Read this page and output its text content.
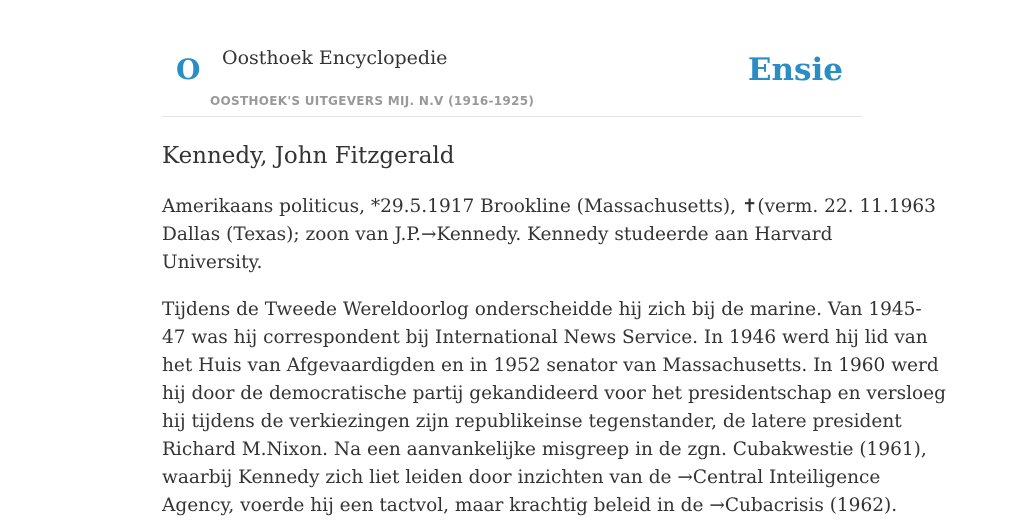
O Oosthoek Encyclopedie
OOSTHOEK'S UITGEVERS MIJ. N.V (1916-1925)
Ensie
Kennedy, John Fitzgerald

Amerikaans politicus, *29.5.1917 Brookline (Massachusetts), ✝(verm. 22. 11.1963
Dallas (Texas); zoon van J.P.→Kennedy. Kennedy studeerde aan Harvard
University.

Tijdens de Tweede Wereldoorlog onderscheidde hij zich bij de marine. Van 1945-
47 was hij correspondent bij International News Service. In 1946 werd hij lid van
het Huis van Afgevaardigden en in 1952 senator van Massachusetts. In 1960 werd
hij door de democratische partij gekandideerd voor het presidentschap en versloeg
hij tijdens de verkiezingen zijn republikeinse tegenstander, de latere president
Richard M.Nixon. Na een aanvankelijke misgreep in de zgn. Cubakwestie (1961),
waarbij Kennedy zich liet leiden door inzichten van de →Central Inteiligence
Agency, voerde hij een tactvol, maar krachtig beleid in de →Cubacrisis (1962).
